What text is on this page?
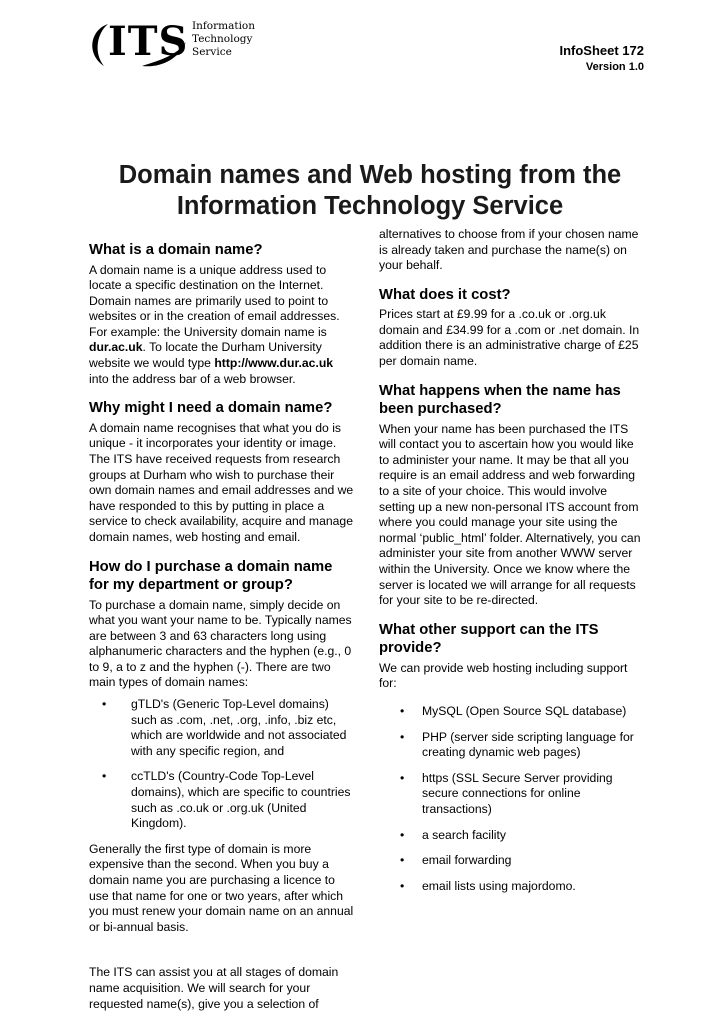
ITS Information
Technology
Service	InfoSheet 172
Version 1.0
Domain names and Web hosting from the
Information Technology Service
What is a domain name?

A domain name is a unique address used to locate a specific destination on the Internet. Domain names are primarily used to point to websites or in the creation of email addresses. For example: the University domain name is dur.ac.uk. To locate the Durham University website we would type http://www.dur.ac.uk into the address bar of a web browser.

Why might I need a domain name?

A domain name recognises that what you do is unique - it incorporates your identity or image. The ITS have received requests from research groups at Durham who wish to purchase their own domain names and email addresses and we have responded to this by putting in place a service to check availability, acquire and manage domain names, web hosting and email.

How do I purchase a domain name for my department or group?

To purchase a domain name, simply decide on what you want your name to be. Typically names are between 3 and 63 characters long using alphanumeric characters and the hyphen (e.g., 0 to 9, a to z and the hyphen (-). There are two main types of domain names:

• gTLD's (Generic Top-Level domains) such as .com, .net, .org, .info, .biz etc, which are worldwide and not associated with any specific region, and
• ccTLD's (Country-Code Top-Level domains), which are specific to countries such as .co.uk or .org.uk (United Kingdom).

Generally the first type of domain is more expensive than the second. When you buy a domain name you are purchasing a licence to use that name for one or two years, after which you must renew your domain name on an annual or bi-annual basis.

The ITS can assist you at all stages of domain name acquisition. We will search for your requested name(s), give you a selection of

alternatives to choose from if your chosen name is already taken and purchase the name(s) on your behalf.

What does it cost?

Prices start at £9.99 for a .co.uk or .org.uk domain and £34.99 for a .com or .net domain. In addition there is an administrative charge of £25 per domain name.

What happens when the name has been purchased?

When your name has been purchased the ITS will contact you to ascertain how you would like to administer your name. It may be that all you require is an email address and web forwarding to a site of your choice. This would involve setting up a new non-personal ITS account from where you could manage your site using the normal ‘public_html’ folder. Alternatively, you can administer your site from another WWW server within the University. Once we know where the server is located we will arrange for all requests for your site to be re-directed.

What other support can the ITS provide?

We can provide web hosting including support for:

•	MySQL (Open Source SQL database)
•	PHP (server side scripting language for creating dynamic web pages)
•	https (SSL Secure Server providing secure connections for online transactions)
•	a search facility
•	email forwarding
•	email lists using majordomo.
